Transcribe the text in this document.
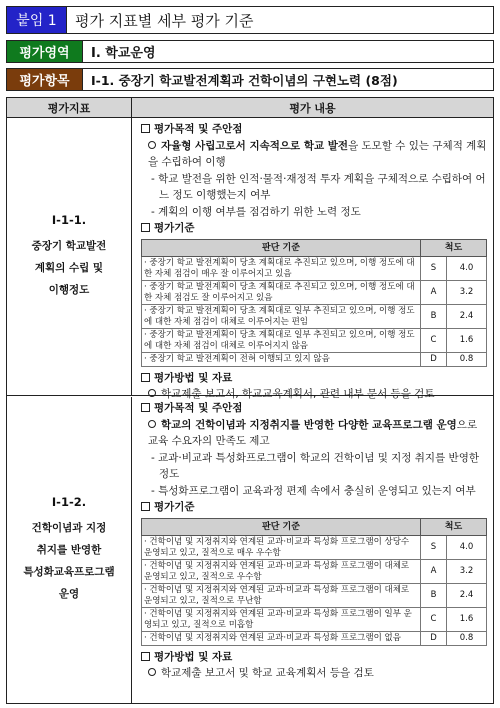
붙임 1	평가 지표별 세부 평가 기준
평가영역	Ⅰ. 학교운영
평가항목	Ⅰ-1. 중장기 학교발전계획과 건학이념의 구현노력 (8점)
평가지표	평가 내용
Ⅰ-1-1.
중장기 학교발전
계획의 수립 및
이행정도
평가목적 및 주안점
자율형 사립고로서 지속적으로 학교 발전을 도모할 수 있는 구체적 계획을 수립하여 이행
- 학교 발전을 위한 인적·물적·재정적 투자 계획을 구체적으로 수립하여 어느 정도 이행했는지 여부
- 계획의 이행 여부를 점검하기 위한 노력 정도
평가기준
판단 기준	척도	
· 중장기 학교 발전계획이 당초 계획대로 추진되고 있으며, 이행 정도에 대한 자체 점검이 매우 잘 이루어지고 있음	S	4.0
· 중장기 학교 발전계획이 당초 계획대로 추진되고 있으며, 이행 정도에 대한 자체 점검도 잘 이루어지고 있음	A	3.2
· 중장기 학교 발전계획이 당초 계획대로 일부 추진되고 있으며, 이행 정도에 대한 자체 점검이 대체로 이루어지는 편임	B	2.4
· 중장기 학교 발전계획이 당초 계획대로 일부 추진되고 있으며, 이행 정도에 대한 자체 점검이 대체로 이루어지지 않음	C	1.6
· 중장기 학교 발전계획이 전혀 이행되고 있지 않음	D	0.8
평가방법 및 자료
학교제출 보고서, 학교교육계획서, 관련 내부 문서 등을 검토
Ⅰ-1-2.
건학이념과 지정
취지를 반영한
특성화교육프로그램
운영
평가목적 및 주안점
학교의 건학이념과 지정취지를 반영한 다양한 교육프로그램 운영으로 교육 수요자의 만족도 제고
- 교과·비교과 특성화프로그램이 학교의 건학이념 및 지정 취지를 반영한 정도
- 특성화프로그램이 교육과정 편제 속에서 충실히 운영되고 있는지 여부
평가기준
판단 기준	척도	
· 건학이념 및 지정취지와 연계된 교과·비교과 특성화 프로그램이 상당수 운영되고 있고, 질적으로 매우 우수함	S	4.0
· 건학이념 및 지정취지와 연계된 교과·비교과 특성화 프로그램이 대체로 운영되고 있고, 질적으로 우수함	A	3.2
· 건학이념 및 지정취지와 연계된 교과·비교과 특성화 프로그램이 대체로 운영되고 있고, 질적으로 무난함	B	2.4
· 건학이념 및 지정취지와 연계된 교과·비교과 특성화 프로그램이 일부 운영되고 있고, 질적으로 미흡함	C	1.6
· 건학이념 및 지정취지와 연계된 교과·비교과 특성화 프로그램이 없음	D	0.8
평가방법 및 자료
학교제출 보고서 및 학교 교육계획서 등을 검토
